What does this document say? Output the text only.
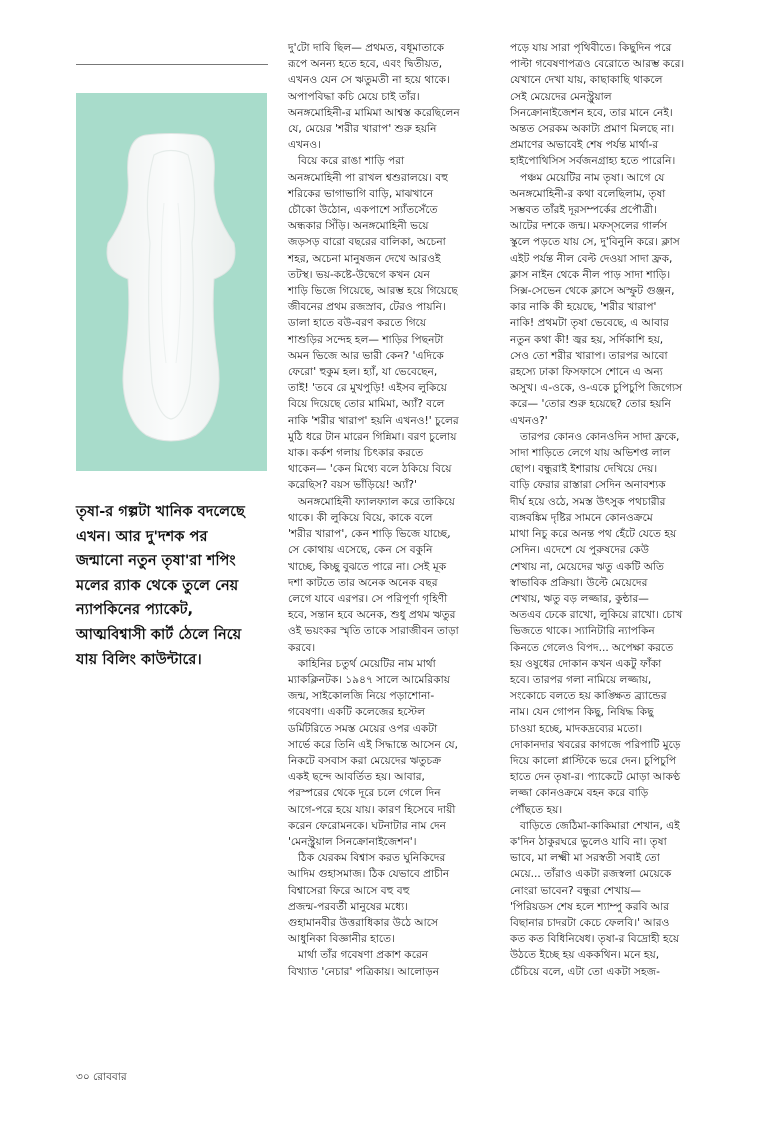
তৃষা-র গল্পটা খানিক বদলেছে

এখন। আর দু'দশক পর

জন্মানো নতুন তৃষা'রা শপিং

মলের র‍্যাক থেকে তুলে নেয়

ন্যাপকিনের প্যাকেট,

আত্মবিশ্বাসী কার্ট ঠেলে নিয়ে

যায় বিলিং কাউন্টারে।

দু'টো দাবি ছিল— প্রথমত, বধূমাতাকে
রূপে অনন্য হতে হবে, এবং দ্বিতীয়ত,
এখনও যেন সে ঋতুমতী না হয়ে থাকে।
অপাপবিদ্ধা কচি মেয়ে চাই তাঁর।
অনঙ্গমোহিনী-র মামিমা আশ্বস্ত করেছিলেন
যে, মেয়ের 'শরীর খারাপ' শুরু হয়নি
এখনও।

বিয়ে করে রাঙা শাড়ি পরা
অনঙ্গমোহিনী পা রাখল শ্বশুরালয়ে। বহু
শরিকের ভাগাভাগি বাড়ি, মাঝখানে
চৌকো উঠোন, একপাশে স্যাঁতসেঁতে
অন্ধকার সিঁড়ি। অনঙ্গমোহিনী ভয়ে
জড়সড় বারো বছরের বালিকা, অচেনা
শহর, অচেনা মানুষজন দেখে আরওই
তটস্থ। ভয়-কষ্টে-উদ্বেগে কখন যেন
শাড়ি ভিজে গিয়েছে, আরম্ভ হয়ে গিয়েছে
জীবনের প্রথম রজস্রাব, টেরও পায়নি।
ডালা হাতে বউ-বরণ করতে গিয়ে
শাশুড়ির সন্দেহ হল— শাড়ির পিছনটা
অমন ভিজে আর ভারী কেন? 'এদিকে
ফেরো' হুকুম হল। হ্যাঁ, যা ভেবেছেন,
তাই! 'তবে রে মুখপুড়ি! এইসব লুকিয়ে
বিয়ে দিয়েছে তোর মামিমা, অ্যাঁ? বলে
নাকি 'শরীর খারাপ' হয়নি এখনও!' চুলের
মুঠি ধরে টান মারেন গিন্নিমা। বরণ চুলোয়
যাক। কর্কশ গলায় চিৎকার করতে
থাকেন— 'কেন মিথ্যে বলে ঠকিয়ে বিয়ে
করেছিস? বয়স ভাঁড়িয়ে! অ্যাঁ?'

অনঙ্গমোহিনী ফ্যালফ্যাল করে তাকিয়ে
থাকে। কী লুকিয়ে বিয়ে, কাকে বলে
'শরীর খারাপ', কেন শাড়ি ভিজে যাচ্ছে,
সে কোথায় এসেছে, কেন সে বকুনি
খাচ্ছে, কিচ্ছু বুঝতে পারে না। সেই মূক
দশা কাটতে তার অনেক অনেক বছর
লেগে যাবে এরপর। সে পরিপূর্ণা গৃহিণী
হবে, সন্তান হবে অনেক, শুধু প্রথম ঋতুর
ওই ভয়ংকর স্মৃতি তাকে সারাজীবন তাড়া
করবে।

কাহিনির চতুর্থ মেয়েটির নাম মার্থা
ম্যাকক্লিনটক। ১৯৪৭ সালে আমেরিকায়
জন্ম, সাইকোলজি নিয়ে পড়াশোনা-
গবেষণা। একটি কলেজের হস্টেল
ডর্মিটরিতে সমস্ত মেয়ের ওপর একটা
সার্ভে করে তিনি এই সিদ্ধান্তে আসেন যে,
নিকটে বসবাস করা মেয়েদের ঋতুচক্র
একই ছন্দে আবর্তিত হয়। আবার,
পরস্পরের থেকে দূরে চলে গেলে দিন
আগে-পরে হয়ে যায়। কারণ হিসেবে দায়ী
করেন ফেরোমনকে। ঘটনাটার নাম দেন
'মেনস্ট্রুয়াল সিনক্রোনাইজেশন'।

ঠিক যেরকম বিশ্বাস করত ঘুনিকিদের
আদিম গুহাসমাজ। ঠিক যেভাবে প্রাচীন
বিশ্বাসেরা ফিরে আসে বহু বহু
প্রজন্ম-পরবর্তী মানুষের মধ্যে।
গুহামানবীর উত্তরাধিকার উঠে আসে
আধুনিকা বিজ্ঞানীর হাতে।

মার্থা তাঁর গবেষণা প্রকাশ করেন
বিখ্যাত 'নেচার' পত্রিকায়। আলোড়ন

পড়ে যায় সারা পৃথিবীতে। কিছুদিন পরে
পাল্টা গবেষণাপত্রও বেরোতে আরম্ভ করে।
যেখানে দেখা যায়, কাছাকাছি থাকলে
সেই মেয়েদের মেনস্ট্রুয়াল
সিনক্রোনাইজেশন হবে, তার মানে নেই।
অন্তত সেরকম অকাট্য প্রমাণ মিলছে না।
প্রমাণের অভাবেই শেষ পর্যন্ত মার্থা-র
হাইপোথিসিস সর্বজনগ্রাহ্য হতে পারেনি।

পঞ্চম মেয়েটির নাম তৃষা। আগে যে
অনঙ্গমোহিনী-র কথা বলেছিলাম, তৃষা
সম্ভবত তাঁরই দূরসম্পর্কের প্রপৌত্রী।
আটের দশকে জন্ম। মফস্সলের গার্লস
স্কুলে পড়তে যায় সে, দু'বিনুনি করে। ক্লাস
এইট পর্যন্ত নীল বেল্ট দেওয়া সাদা ফ্রক,
ক্লাস নাইন থেকে নীল পাড় সাদা শাড়ি।
সিক্স-সেভেন থেকে ক্লাসে অস্ফুট গুঞ্জন,
কার নাকি কী হয়েছে, 'শরীর খারাপ'
নাকি! প্রথমটা তৃষা ভেবেছে, এ আবার
নতুন কথা কী! জ্বর হয়, সর্দিকাশি হয়,
সেও তো শরীর খারাপ। তারপর আবো
রহস্যে ঢাকা ফিসফাসে শোনে এ অন্য
অসুখ। এ-ওকে, ও-একে চুপিচুপি জিগ্যেস
করে— 'তোর শুরু হয়েছে? তোর হয়নি
এখনও?'

তারপর কোনও কোনওদিন সাদা ফ্রকে,
সাদা শাড়িতে লেগে যায় অভিশপ্ত লাল
ছোপ। বন্ধুরাই ইশারায় দেখিয়ে দেয়।
বাড়ি ফেরার রাস্তারা সেদিন অনাবশ্যক
দীর্ঘ হয়ে ওঠে, সমস্ত উৎসুক পথচারীর
ব্যঙ্গবঙ্কিম দৃষ্টির সামনে কোনওক্রমে
মাথা নিচু করে অনন্ত পথ হেঁটে যেতে হয়
সেদিন। এদেশে যে পুরুষদের কেউ
শেখায় না, মেয়েদের ঋতু একটি অতি
স্বাভাবিক প্রক্রিয়া। উল্টে মেয়েদের
শেখায়, ঋতু বড় লজ্জার, কুন্ঠার—
অতএব ঢেকে রাখো, লুকিয়ে রাখো। চোখ
ভিজতে থাকে। স্যানিটারি ন্যাপকিন
কিনতে গেলেও বিপদ... অপেক্ষা করতে
হয় ওষুধের দোকান কখন একটু ফাঁকা
হবে। তারপর গলা নামিয়ে লজ্জায়,
সংকোচে বলতে হয় কাঙ্ক্ষিত ব্র্যান্ডের
নাম। যেন গোপন কিছু, নিষিদ্ধ কিছু
চাওয়া হচ্ছে, মাদকদ্রব্যের মতো।
দোকানদার খবরের কাগজে পরিপাটি মুড়ে
দিয়ে কালো প্লাস্টিকে ভরে দেন। চুপিচুপি
হাতে দেন তৃষা-র। প্যাকেটে মোড়া আকণ্ঠ
লজ্জা কোনওক্রমে বহন করে বাড়ি
পৌঁছতে হয়।

বাড়িতে জেঠিমা-কাকিমারা শেখান, এই
ক'দিন ঠাকুরঘরে ভুলেও যাবি না। তৃষা
ভাবে, মা লক্ষ্মী মা সরস্বতী সবাই তো
মেয়ে... তাঁরাও একটা রজস্বলা মেয়েকে
নোংরা ভাবেন? বন্ধুরা শেখায়—
'পিরিয়ডস শেষ হলে শ্যাম্পু করবি আর
বিছানার চাদরটা কেচে ফেলবি।' আরও
কত কত বিধিনিষেধ। তৃষা-র বিদ্রোহী হয়ে
উঠতে ইচ্ছে হয় এককথিন। মনে হয়,
চেঁচিয়ে বলে, এটা তো একটা সহজ-

৩০ রোববার
